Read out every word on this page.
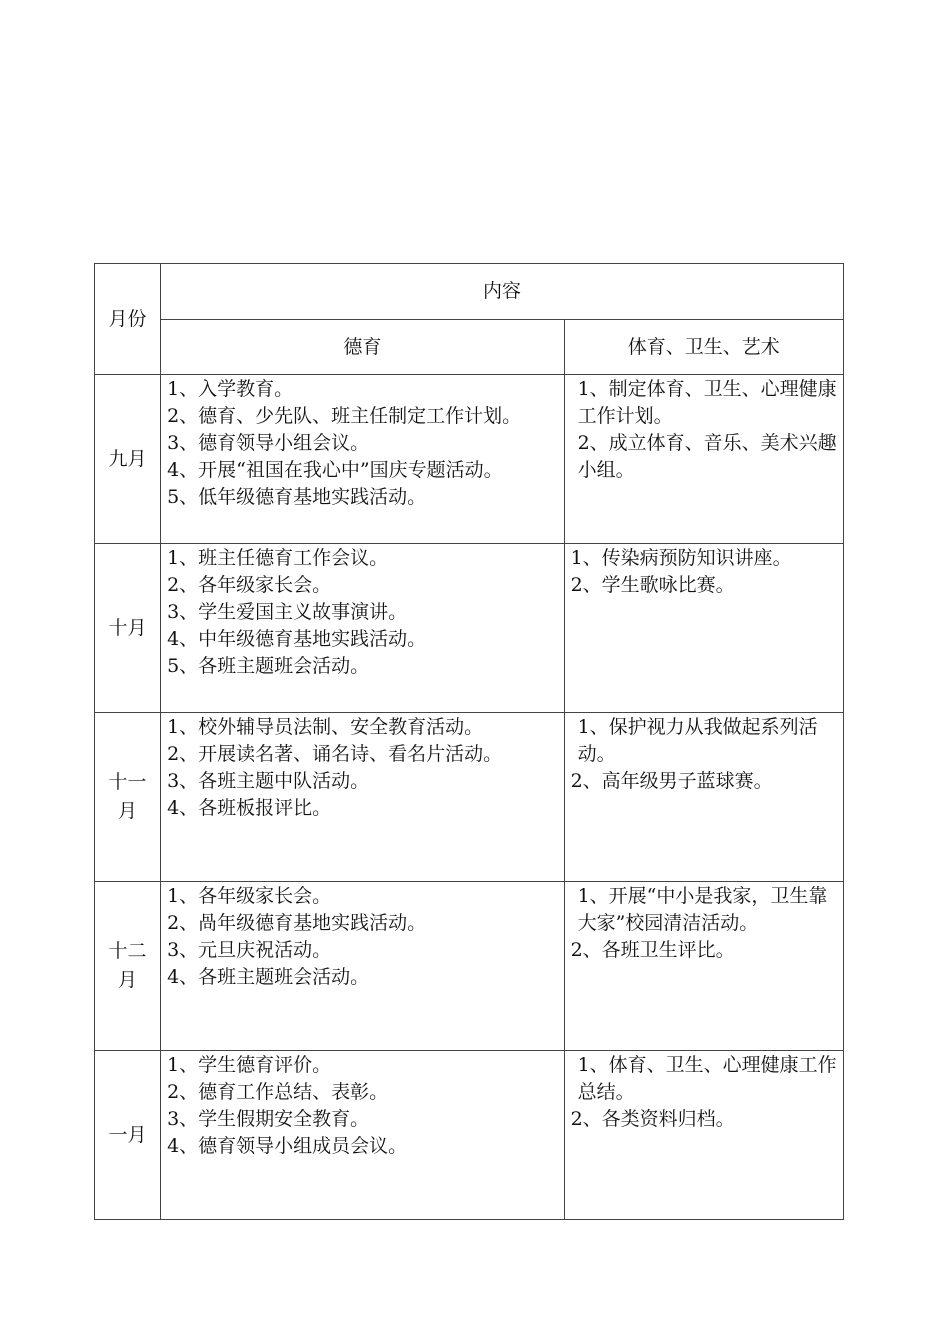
月份	内容	
	德育	体育、卫生、艺术

九月	1、入学教育。
2、德育、少先队、班主任制定工作计划。
3、德育领导小组会议。
4、开展“祖国在我心中”国庆专题活动。
5、低年级德育基地实践活动。	1、制定体育、卫生、心理健康工作计划。
2、成立体育、音乐、美术兴趣小组。

十月	1、班主任德育工作会议。
2、各年级家长会。
3、学生爱国主义故事演讲。
4、中年级德育基地实践活动。
5、各班主题班会活动。	1、传染病预防知识讲座。
2、学生歌咏比赛。

十一
月	1、校外辅导员法制、安全教育活动。
2、开展读名著、诵名诗、看名片活动。
3、各班主题中队活动。
4、各班板报评比。	1、保护视力从我做起系列活动。
2、高年级男子蓝球赛。

十二
月	1、各年级家长会。
2、咼年级德育基地实践活动。
3、元旦庆祝活动。
4、各班主题班会活动。	1、开展“中小是我家，卫生靠大家”校园清洁活动。
2、各班卫生评比。

一月	1、学生德育评价。
2、德育工作总结、表彰。
3、学生假期安全教育。
4、德育领导小组成员会议。	1、体育、卫生、心理健康工作总结。
2、各类资料归档。
